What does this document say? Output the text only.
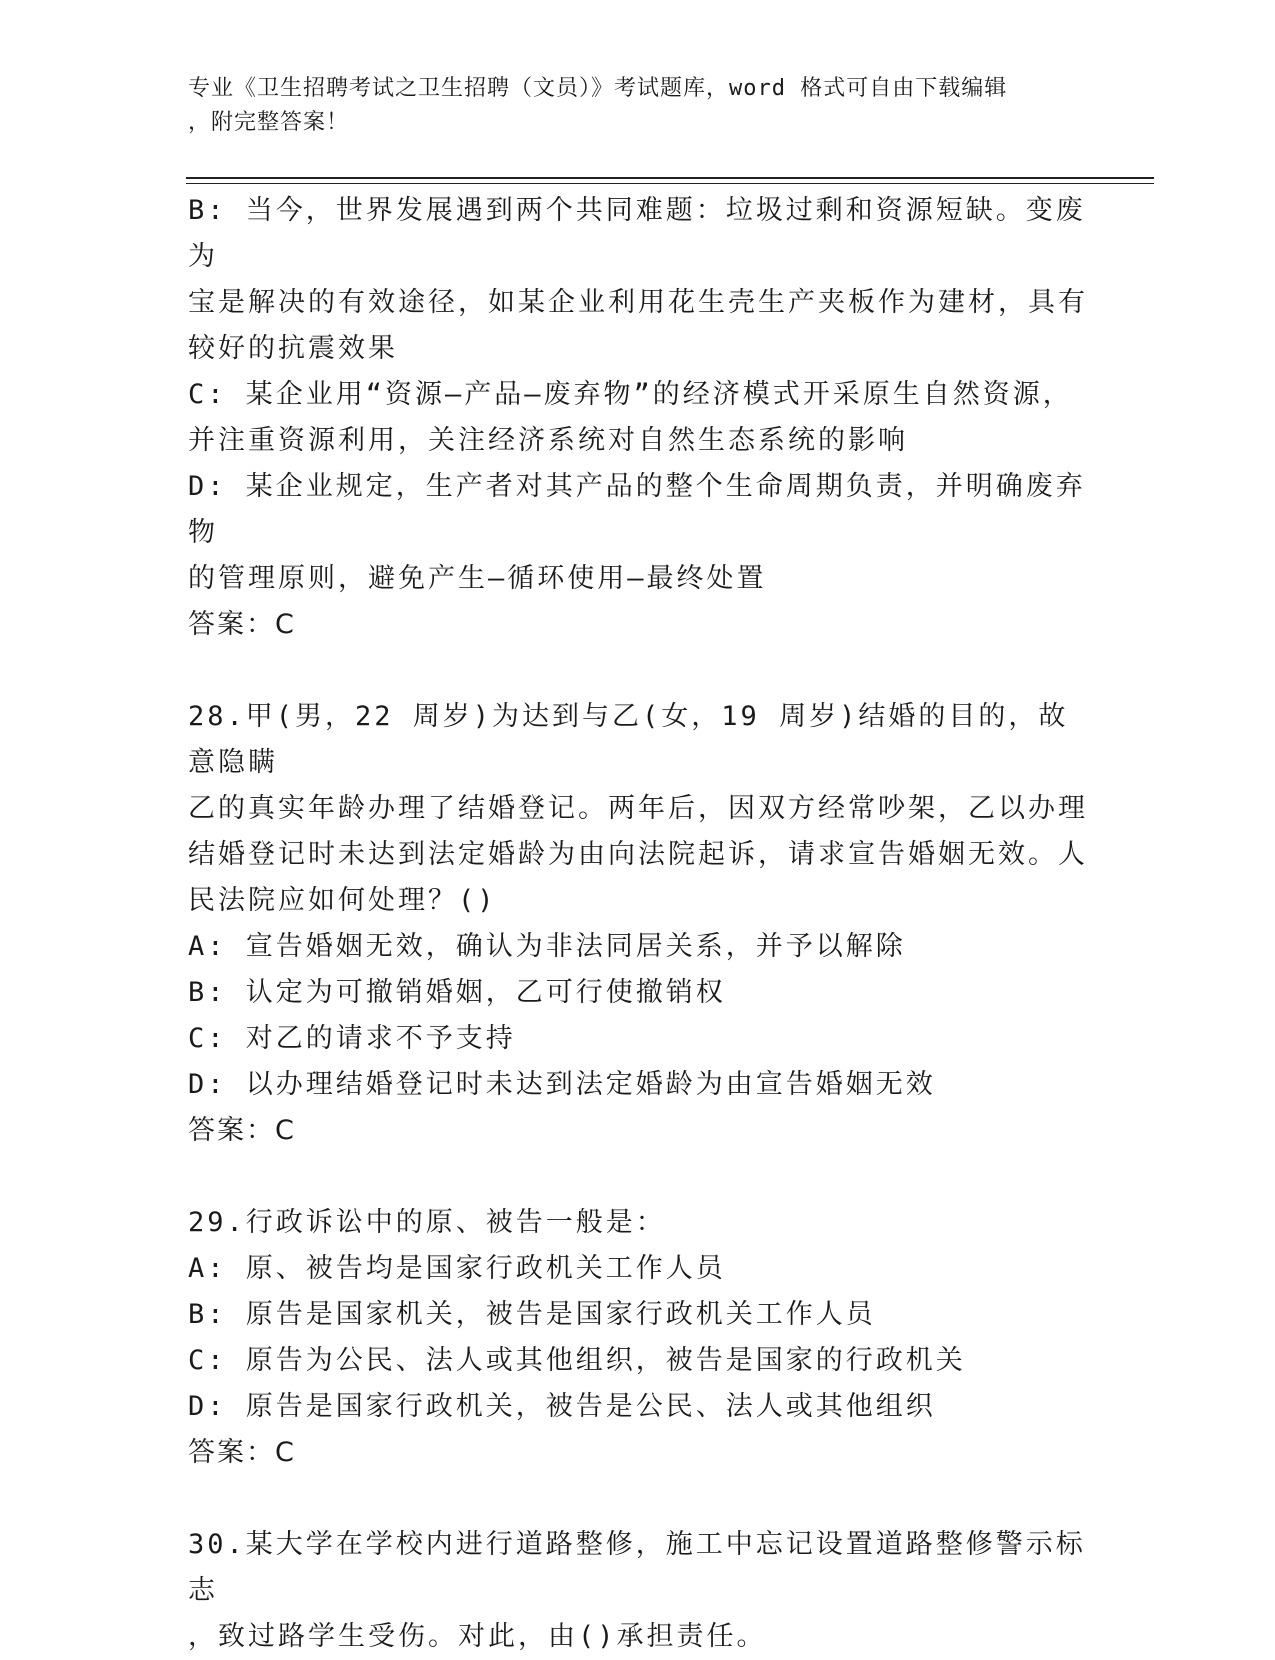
专业《卫生招聘考试之卫生招聘（文员）》考试题库，word 格式可自由下载编辑

，附完整答案！

B: 当今，世界发展遇到两个共同难题：垃圾过剩和资源短缺。变废为

宝是解决的有效途径，如某企业利用花生壳生产夹板作为建材，具有

较好的抗震效果

C: 某企业用“资源—产品—废弃物”的经济模式开采原生自然资源，

并注重资源利用，关注经济系统对自然生态系统的影响

D: 某企业规定，生产者对其产品的整个生命周期负责，并明确废弃物

的管理原则，避免产生—循环使用—最终处置

答案：C

28.甲(男，22 周岁)为达到与乙(女，19 周岁)结婚的目的，故意隐瞒

乙的真实年龄办理了结婚登记。两年后，因双方经常吵架，乙以办理

结婚登记时未达到法定婚龄为由向法院起诉，请求宣告婚姻无效。人

民法院应如何处理？()

A: 宣告婚姻无效，确认为非法同居关系，并予以解除

B: 认定为可撤销婚姻，乙可行使撤销权

C: 对乙的请求不予支持

D: 以办理结婚登记时未达到法定婚龄为由宣告婚姻无效

答案：C

29.行政诉讼中的原、被告一般是：

A: 原、被告均是国家行政机关工作人员

B: 原告是国家机关，被告是国家行政机关工作人员

C: 原告为公民、法人或其他组织，被告是国家的行政机关

D: 原告是国家行政机关，被告是公民、法人或其他组织

答案：C

30.某大学在学校内进行道路整修，施工中忘记设置道路整修警示标志

，致过路学生受伤。对此，由()承担责任。
